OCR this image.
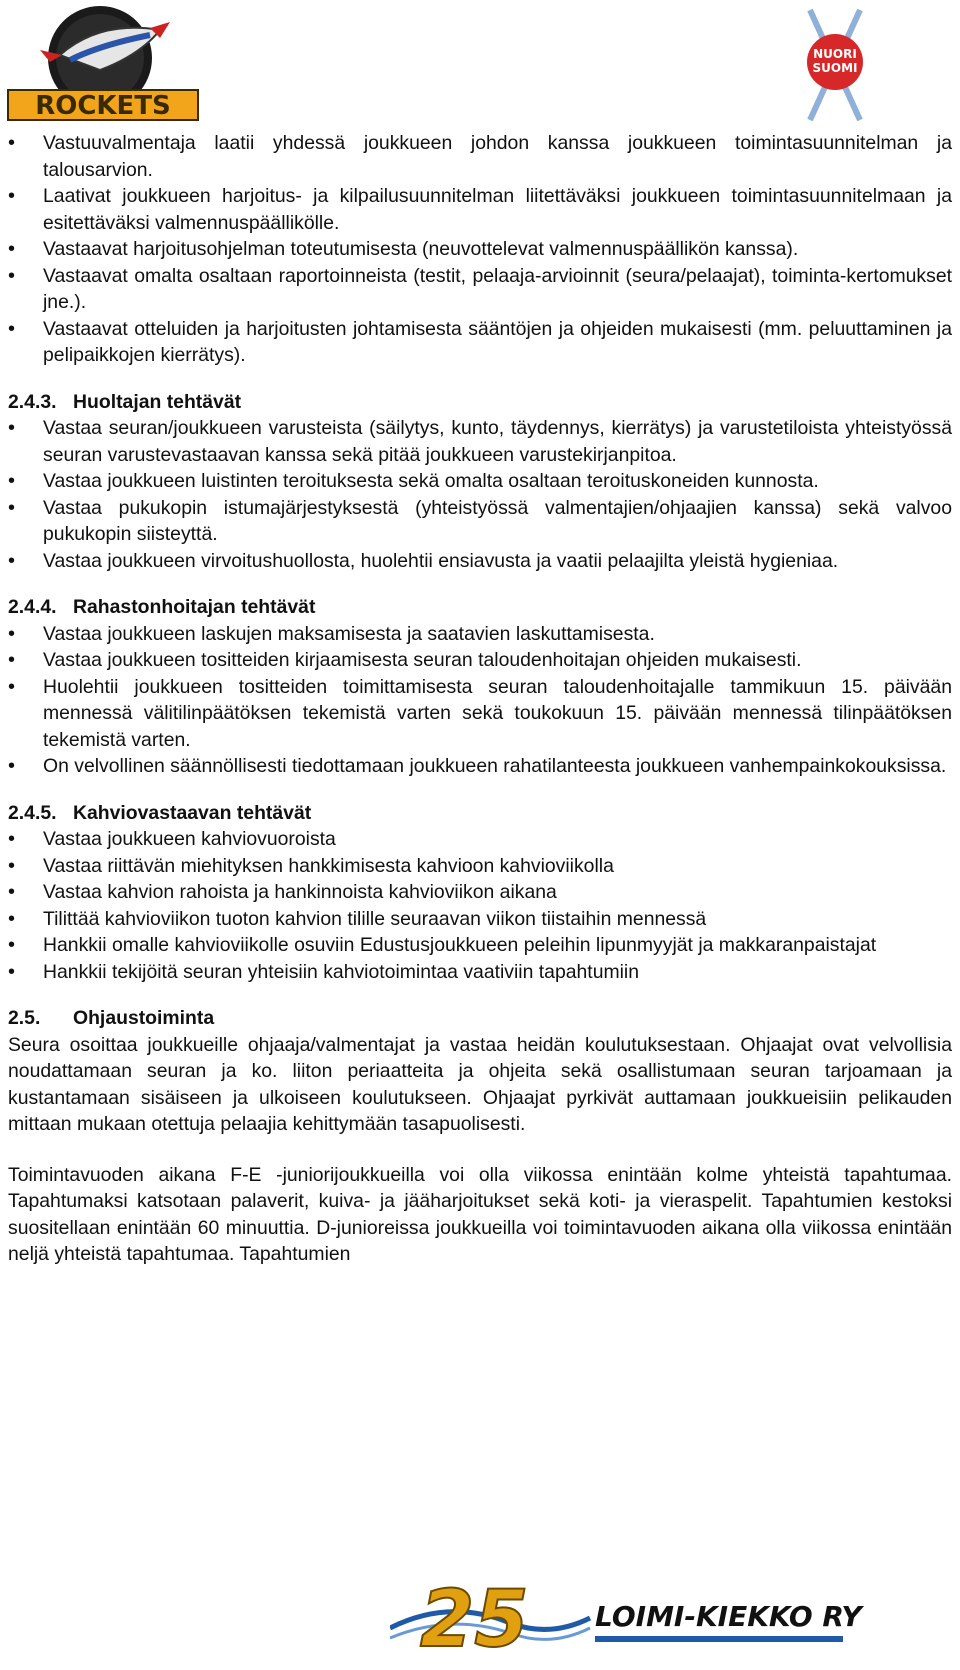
ROCKETS
NUORI
SUOMI
• Vastuuvalmentaja laatii yhdessä joukkueen johdon kanssa joukkueen toimintasuunnitelman ja talousarvion.
• Laativat joukkueen harjoitus- ja kilpailusuunnitelman liitettäväksi joukkueen toimintasuunnitelmaan ja esitettäväksi valmennuspäällikölle.
• Vastaavat harjoitusohjelman toteutumisesta (neuvottelevat valmennuspäällikön kanssa).
• Vastaavat omalta osaltaan raportoinneista (testit, pelaaja-arvioinnit (seura/pelaajat), toiminta-kertomukset jne.).
• Vastaavat otteluiden ja harjoitusten johtamisesta sääntöjen ja ohjeiden mukaisesti (mm. peluuttaminen ja pelipaikkojen kierrätys).
2.4.3. Huoltajan tehtävät
• Vastaa seuran/joukkueen varusteista (säilytys, kunto, täydennys, kierrätys) ja varustetiloista yhteistyössä seuran varustevastaavan kanssa sekä pitää joukkueen varustekirjanpitoa.
• Vastaa joukkueen luistinten teroituksesta sekä omalta osaltaan teroituskoneiden kunnosta.
• Vastaa pukukopin istumajärjestyksestä (yhteistyössä valmentajien/ohjaajien kanssa) sekä valvoo pukukopin siisteyttä.
• Vastaa joukkueen virvoitushuollosta, huolehtii ensiavusta ja vaatii pelaajilta yleistä hygieniaa.
2.4.4. Rahastonhoitajan tehtävät
• Vastaa joukkueen laskujen maksamisesta ja saatavien laskuttamisesta.
• Vastaa joukkueen tositteiden kirjaamisesta seuran taloudenhoitajan ohjeiden mukaisesti.
• Huolehtii joukkueen tositteiden toimittamisesta seuran taloudenhoitajalle tammikuun 15. päivään mennessä välitilinpäätöksen tekemistä varten sekä toukokuun 15. päivään mennessä tilinpäätöksen tekemistä varten.
• On velvollinen säännöllisesti tiedottamaan joukkueen rahatilanteesta joukkueen vanhempainkokouksissa.
2.4.5. Kahviovastaavan tehtävät
• Vastaa joukkueen kahviovuoroista
• Vastaa riittävän miehityksen hankkimisesta kahvioon kahvioviikolla
• Vastaa kahvion rahoista ja hankinnoista kahvioviikon aikana
• Tilittää kahvioviikon tuoton kahvion tilille seuraavan viikon tiistaihin mennessä
• Hankkii omalle kahvioviikolle osuviin Edustusjoukkueen peleihin lipunmyyjät ja makkaranpaistajat
• Hankkii tekijöitä seuran yhteisiin kahviotoimintaa vaativiin tapahtumiin
2.5. Ohjaustoiminta

Seura osoittaa joukkueille ohjaaja/valmentajat ja vastaa heidän koulutuksestaan. Ohjaajat ovat velvollisia noudattamaan seuran ja ko. liiton periaatteita ja ohjeita sekä osallistumaan seuran tarjoamaan ja kustantamaan sisäiseen ja ulkoiseen koulutukseen. Ohjaajat pyrkivät auttamaan joukkueisiin pelikauden mittaan mukaan otettuja pelaajia kehittymään tasapuolisesti.

Toimintavuoden aikana F-E -juniorijoukkueilla voi olla viikossa enintään kolme yhteistä tapahtumaa. Tapahtumaksi katsotaan palaverit, kuiva- ja jääharjoitukset sekä koti- ja vieraspelit. Tapahtumien kestoksi suositellaan enintään 60 minuuttia. D-junioreissa joukkueilla voi toimintavuoden aikana olla viikossa enintään neljä yhteistä tapahtumaa. Tapahtumien

25 LOIMI-KIEKKO RY
